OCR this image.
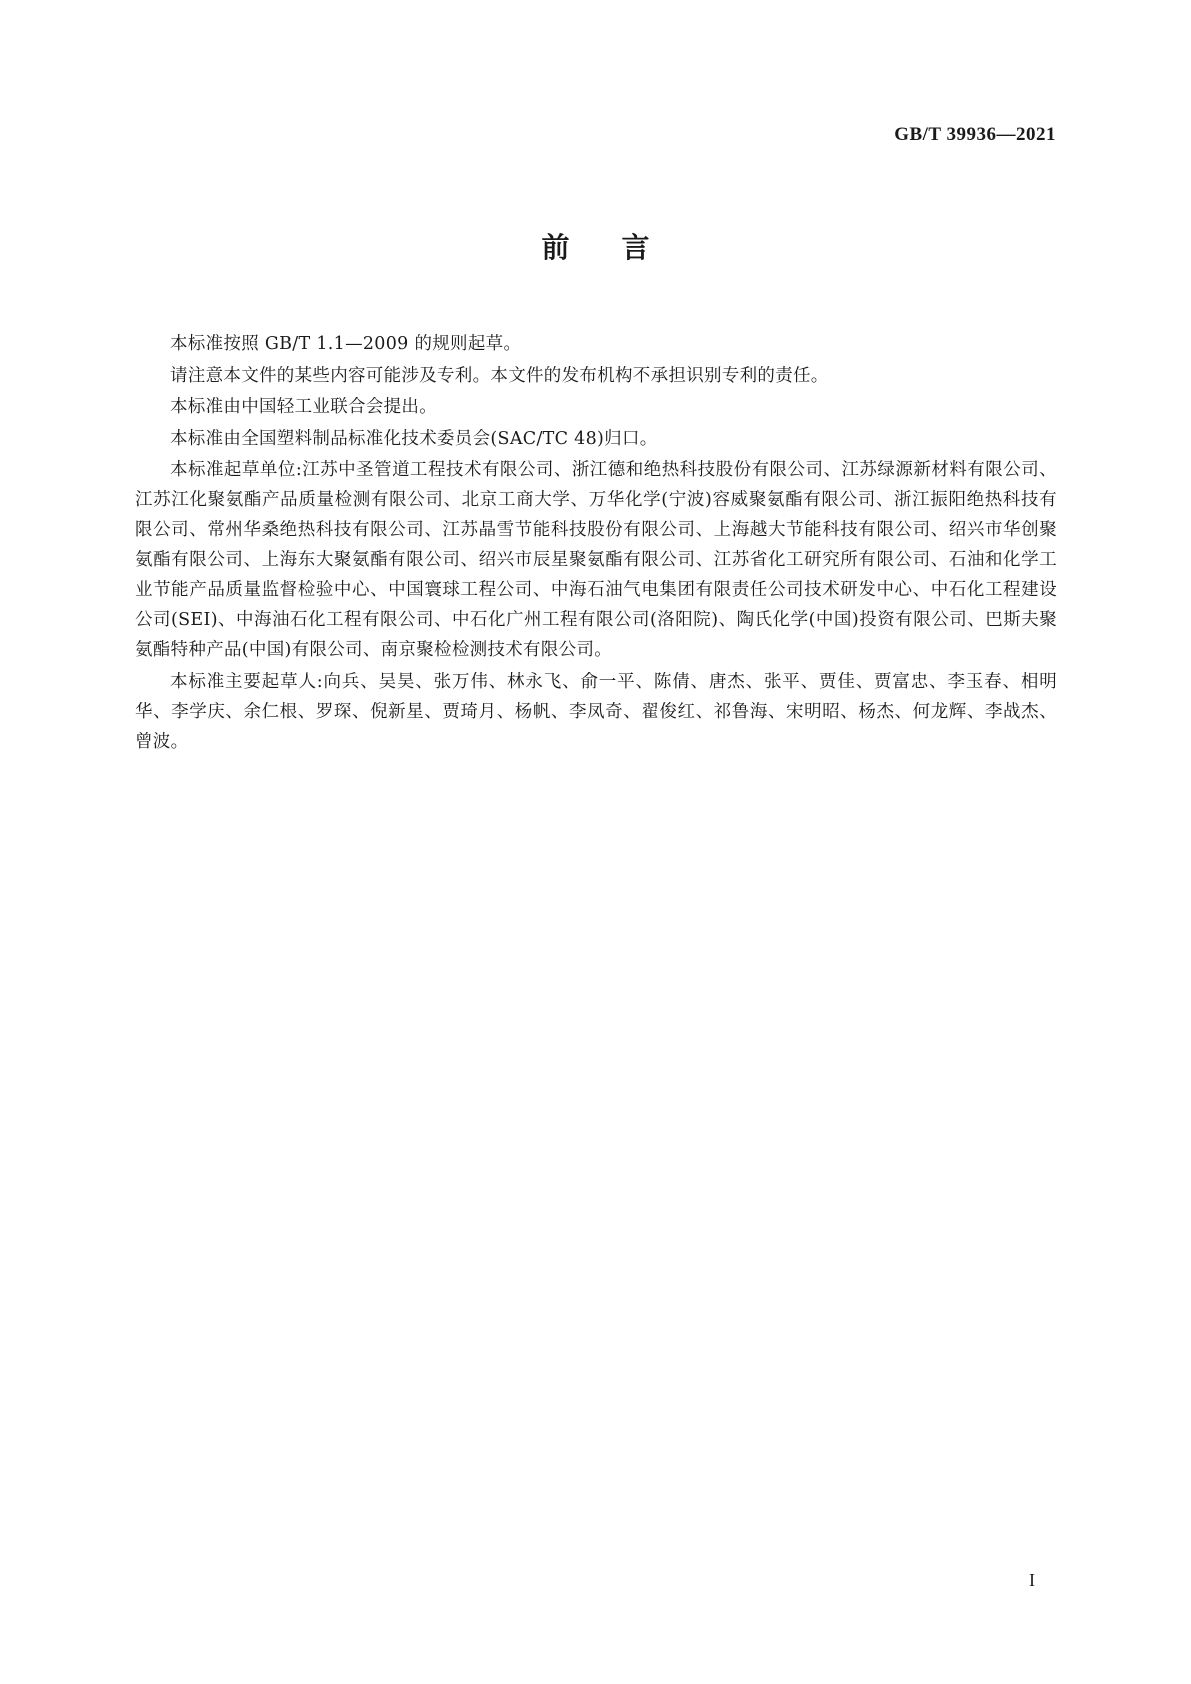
GB/T 39936—2021
前 言

本标准按照 GB/T 1.1—2009 的规则起草。

请注意本文件的某些内容可能涉及专利。本文件的发布机构不承担识别专利的责任。

本标准由中国轻工业联合会提出。

本标准由全国塑料制品标准化技术委员会(SAC/TC 48)归口。

本标准起草单位:江苏中圣管道工程技术有限公司、浙江德和绝热科技股份有限公司、江苏绿源新材料有限公司、江苏江化聚氨酯产品质量检测有限公司、北京工商大学、万华化学(宁波)容威聚氨酯有限公司、浙江振阳绝热科技有限公司、常州华桑绝热科技有限公司、江苏晶雪节能科技股份有限公司、上海越大节能科技有限公司、绍兴市华创聚氨酯有限公司、上海东大聚氨酯有限公司、绍兴市辰星聚氨酯有限公司、江苏省化工研究所有限公司、石油和化学工业节能产品质量监督检验中心、中国寰球工程公司、中海石油气电集团有限责任公司技术研发中心、中石化工程建设公司(SEI)、中海油石化工程有限公司、中石化广州工程有限公司(洛阳院)、陶氏化学(中国)投资有限公司、巴斯夫聚氨酯特种产品(中国)有限公司、南京聚检检测技术有限公司。

本标准主要起草人:向兵、吴昊、张万伟、林永飞、俞一平、陈倩、唐杰、张平、贾佳、贾富忠、李玉春、相明华、李学庆、余仁根、罗琛、倪新星、贾琦月、杨帆、李凤奇、翟俊红、祁鲁海、宋明昭、杨杰、何龙辉、李战杰、曾波。

I
